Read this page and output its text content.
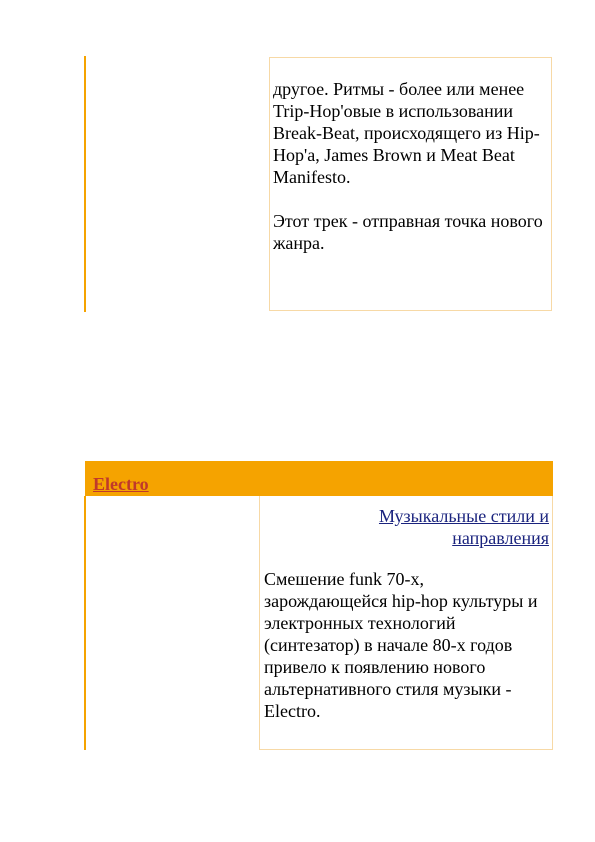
другое. Ритмы - более или менее Trip-Hop'овые в использовании Break-Beat, происходящего из Hip-Hop'а, James Brown и Meat Beat Manifesto.

Этот трек - отправная точка нового жанра.

Electro
Музыкальные стили и направления
Смешение funk 70-х, зарождающейся hip-hop культуры и электронных технологий (синтезатор) в начале 80-х годов привело к появлению нового альтернативного стиля музыки - Electro.
